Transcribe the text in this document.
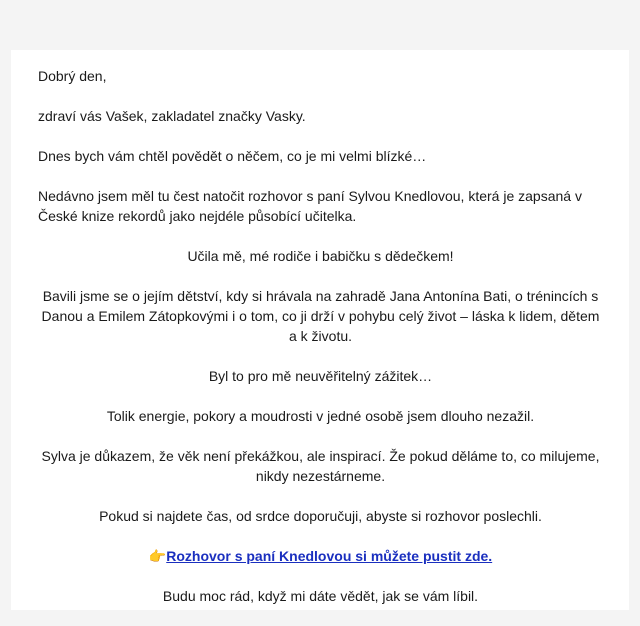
Dobrý den,

zdraví vás Vašek, zakladatel značky Vasky.

Dnes bych vám chtěl povědět o něčem, co je mi velmi blízké…

Nedávno jsem měl tu čest natočit rozhovor s paní Sylvou Knedlovou, která je zapsaná v České knize rekordů jako nejdéle působící učitelka.

Učila mě, mé rodiče i babičku s dědečkem!

Bavili jsme se o jejím dětství, kdy si hrávala na zahradě Jana Antonína Bati, o trénincích s Danou a Emilem Zátopkovými i o tom, co ji drží v pohybu celý život – láska k lidem, dětem a k životu.

Byl to pro mě neuvěřitelný zážitek…

Tolik energie, pokory a moudrosti v jedné osobě jsem dlouho nezažil.

Sylva je důkazem, že věk není překážkou, ale inspirací. Že pokud děláme to, co milujeme, nikdy nezestárneme.

Pokud si najdete čas, od srdce doporučuji, abyste si rozhovor poslechli.

👉Rozhovor s paní Knedlovou si můžete pustit zde.

Budu moc rád, když mi dáte vědět, jak se vám líbil.
